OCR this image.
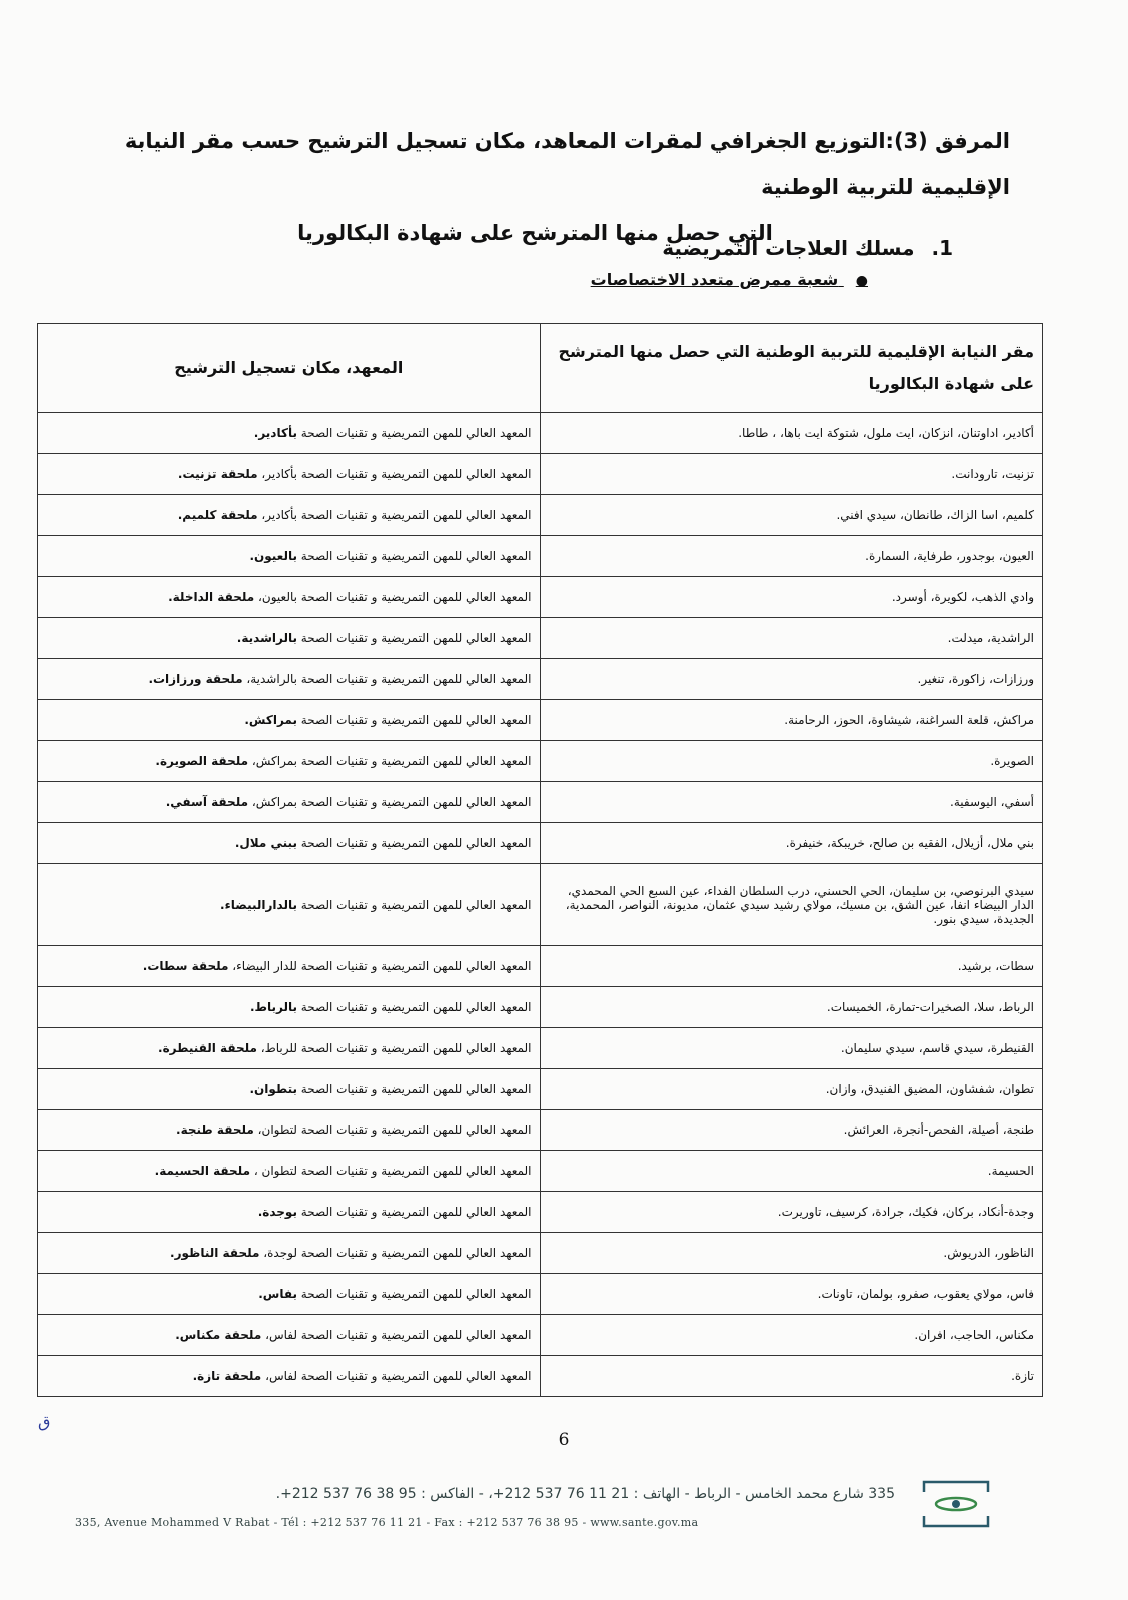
المرفق (3):التوزيع الجغرافي لمقرات المعاهد، مكان تسجيل الترشيح حسب مقر النيابة الإقليمية للتربية الوطنية
التي حصل منها المترشح على شهادة البكالوريا
1. مسلك العلاجات التمريضية
● شعبة ممرض متعدد الاختصاصات
مقر النيابة الإقليمية للتربية الوطنية التي حصل منها المترشح على شهادة البكالوريا	المعهد، مكان تسجيل الترشيح
أكادير، اداوتنان، انزكان، ايت ملول، شتوكة ايت باها، ، طاطا.	المعهد العالي للمهن التمريضية و تقنيات الصحة بأكادير.
تزنيت، تارودانت.	المعهد العالي للمهن التمريضية و تقنيات الصحة بأكادير، ملحقة تزنيت.
كلميم، اسا الزاك، طانطان، سيدي افني.	المعهد العالي للمهن التمريضية و تقنيات الصحة بأكادير، ملحقة كلميم.
العيون، بوجدور، طرفاية، السمارة.	المعهد العالي للمهن التمريضية و تقنيات الصحة بالعيون.
وادي الذهب، لكويرة، أوسرد.	المعهد العالي للمهن التمريضية و تقنيات الصحة بالعيون، ملحقة الداخلة.
الراشدية، ميدلت.	المعهد العالي للمهن التمريضية و تقنيات الصحة بالراشدية.
ورزازات، زاكورة، تنغير.	المعهد العالي للمهن التمريضية و تقنيات الصحة بالراشدية، ملحقة ورزازات.
مراكش، قلعة السراغنة، شيشاوة، الحوز، الرحامنة.	المعهد العالي للمهن التمريضية و تقنيات الصحة بمراكش.
الصويرة.	المعهد العالي للمهن التمريضية و تقنيات الصحة بمراكش، ملحقة الصويرة.
أسفي، اليوسفية.	المعهد العالي للمهن التمريضية و تقنيات الصحة بمراكش، ملحقة آسفي.
بني ملال، أزيلال، الفقيه بن صالح، خريبكة، خنيفرة.	المعهد العالي للمهن التمريضية و تقنيات الصحة ببني ملال.
سيدي البرنوصي، بن سليمان، الحي الحسني، درب السلطان الفداء، عين السبع الحي المحمدي، الدار البيضاء انفا، عين الشق، بن مسيك، مولاي رشيد سيدي عثمان، مديونة، النواصر، المحمدية، الجديدة، سيدي بنور.	المعهد العالي للمهن التمريضية و تقنيات الصحة بالدارالبيضاء.
سطات، برشيد.	المعهد العالي للمهن التمريضية و تقنيات الصحة للدار البيضاء، ملحقة سطات.
الرباط، سلا، الصخيرات-تمارة، الخميسات.	المعهد العالي للمهن التمريضية و تقنيات الصحة بالرباط.
القنيطرة، سيدي قاسم، سيدي سليمان.	المعهد العالي للمهن التمريضية و تقنيات الصحة للرباط، ملحقة القنيطرة.
تطوان، شفشاون، المضيق الفنيدق، وازان.	المعهد العالي للمهن التمريضية و تقنيات الصحة بتطوان.
طنجة، أصيلة، الفحص-أنجرة، العرائش.	المعهد العالي للمهن التمريضية و تقنيات الصحة لتطوان، ملحقة طنجة.
الحسيمة.	المعهد العالي للمهن التمريضية و تقنيات الصحة لتطوان ، ملحقة الحسيمة.
وجدة-أنكاد، بركان، فكيك، جرادة، كرسيف، تاوريرت.	المعهد العالي للمهن التمريضية و تقنيات الصحة بوجدة.
الناظور، الدريوش.	المعهد العالي للمهن التمريضية و تقنيات الصحة لوجدة، ملحقة الناظور.
فاس، مولاي يعقوب، صفرو، بولمان، تاونات.	المعهد العالي للمهن التمريضية و تقنيات الصحة بفاس.
مكناس، الحاجب، افران.	المعهد العالي للمهن التمريضية و تقنيات الصحة لفاس، ملحقة مكناس.
تازة.	المعهد العالي للمهن التمريضية و تقنيات الصحة لفاس، ملحقة تازة.
ق
6
335 شارع محمد الخامس - الرباط - الهاتف : 21 11 76 537 212+، - الفاكس : 95 38 76 537 212+.
335, Avenue Mohammed V Rabat - Tél : +212 537 76 11 21 - Fax : +212 537 76 38 95 - www.sante.gov.ma
